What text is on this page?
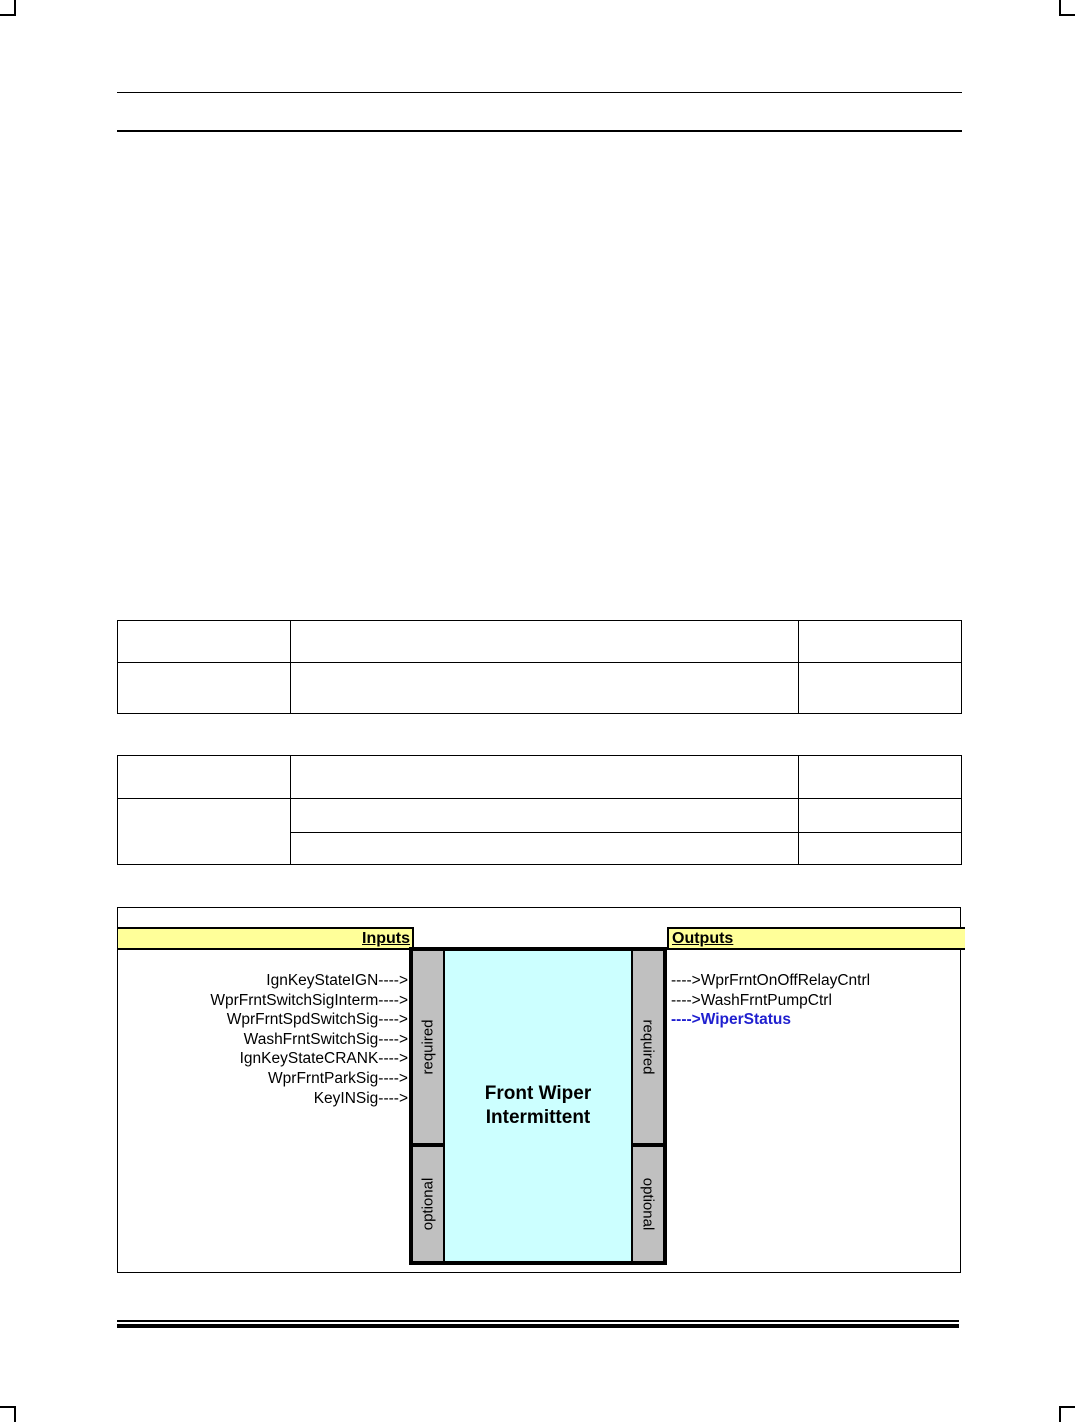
Inputs	Outputs
IgnKeyStateIGN---->
WprFrntSwitchSigInterm---->
WprFrntSpdSwitchSig---->
WashFrntSwitchSig---->
IgnKeyStateCRANK---->
WprFrntParkSig---->
KeyINSig---->
---->WprFrntOnOffRelayCntrl
---->WashFrntPumpCtrl
---->WiperStatus
required
optional
Front Wiper Intermittent
required
optional
